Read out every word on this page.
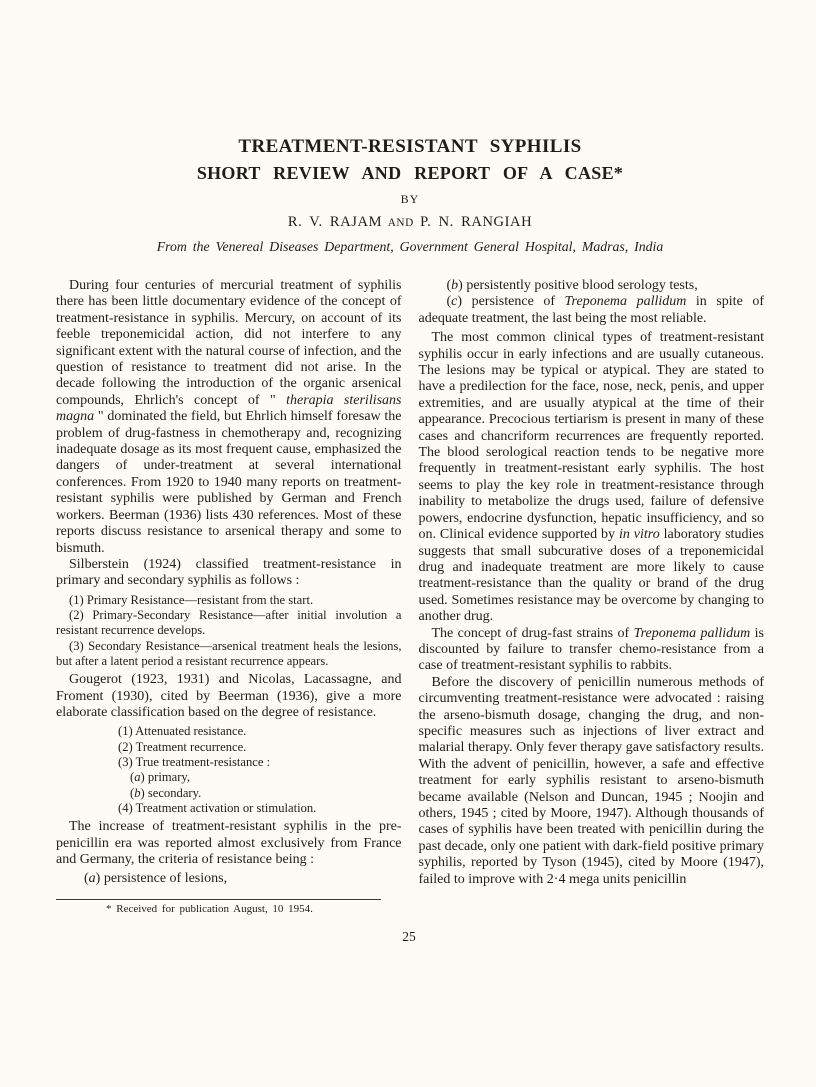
TREATMENT-RESISTANT SYPHILIS
SHORT REVIEW AND REPORT OF A CASE*
BY
R. V. RAJAM AND P. N. RANGIAH
From the Venereal Diseases Department, Government General Hospital, Madras, India

During four centuries of mercurial treatment of syphilis there has been little documentary evidence of the concept of treatment-resistance in syphilis. Mercury, on account of its feeble treponemicidal action, did not interfere to any significant extent with the natural course of infection, and the question of resistance to treatment did not arise. In the decade following the introduction of the organic arsenical compounds, Ehrlich's concept of " therapia sterilisans magna " dominated the field, but Ehrlich himself foresaw the problem of drug-fastness in chemotherapy and, recognizing inadequate dosage as its most frequent cause, emphasized the dangers of under-treatment at several international conferences. From 1920 to 1940 many reports on treatment-resistant syphilis were published by German and French workers. Beerman (1936) lists 430 references. Most of these reports discuss resistance to arsenical therapy and some to bismuth.

Silberstein (1924) classified treatment-resistance in primary and secondary syphilis as follows :

(1) Primary Resistance—resistant from the start.

(2) Primary-Secondary Resistance—after initial involution a resistant recurrence develops.

(3) Secondary Resistance—arsenical treatment heals the lesions, but after a latent period a resistant recurrence appears.

Gougerot (1923, 1931) and Nicolas, Lacassagne, and Froment (1930), cited by Beerman (1936), give a more elaborate classification based on the degree of resistance.

(1) Attenuated resistance.

(2) Treatment recurrence.

(3) True treatment-resistance :

(a) primary,

(b) secondary.

(4) Treatment activation or stimulation.

The increase of treatment-resistant syphilis in the pre-penicillin era was reported almost exclusively from France and Germany, the criteria of resistance being :

(a) persistence of lesions,

* Received for publication August, 10 1954.

(b) persistently positive blood serology tests,

(c) persistence of Treponema pallidum in spite of adequate treatment, the last being the most reliable.

The most common clinical types of treatment-resistant syphilis occur in early infections and are usually cutaneous. The lesions may be typical or atypical. They are stated to have a predilection for the face, nose, neck, penis, and upper extremities, and are usually atypical at the time of their appearance. Precocious tertiarism is present in many of these cases and chancriform recurrences are frequently reported. The blood serological reaction tends to be negative more frequently in treatment-resistant early syphilis. The host seems to play the key role in treatment-resistance through inability to metabolize the drugs used, failure of defensive powers, endocrine dysfunction, hepatic insufficiency, and so on. Clinical evidence supported by in vitro laboratory studies suggests that small subcurative doses of a treponemicidal drug and inadequate treatment are more likely to cause treatment-resistance than the quality or brand of the drug used. Sometimes resistance may be overcome by changing to another drug.

The concept of drug-fast strains of Treponema pallidum is discounted by failure to transfer chemo-resistance from a case of treatment-resistant syphilis to rabbits.

Before the discovery of penicillin numerous methods of circumventing treatment-resistance were advocated : raising the arseno-bismuth dosage, changing the drug, and non-specific measures such as injections of liver extract and malarial therapy. Only fever therapy gave satisfactory results. With the advent of penicillin, however, a safe and effective treatment for early syphilis resistant to arseno-bismuth became available (Nelson and Duncan, 1945 ; Noojin and others, 1945 ; cited by Moore, 1947). Although thousands of cases of syphilis have been treated with penicillin during the past decade, only one patient with dark-field positive primary syphilis, reported by Tyson (1945), cited by Moore (1947), failed to improve with 2·4 mega units penicillin

25
